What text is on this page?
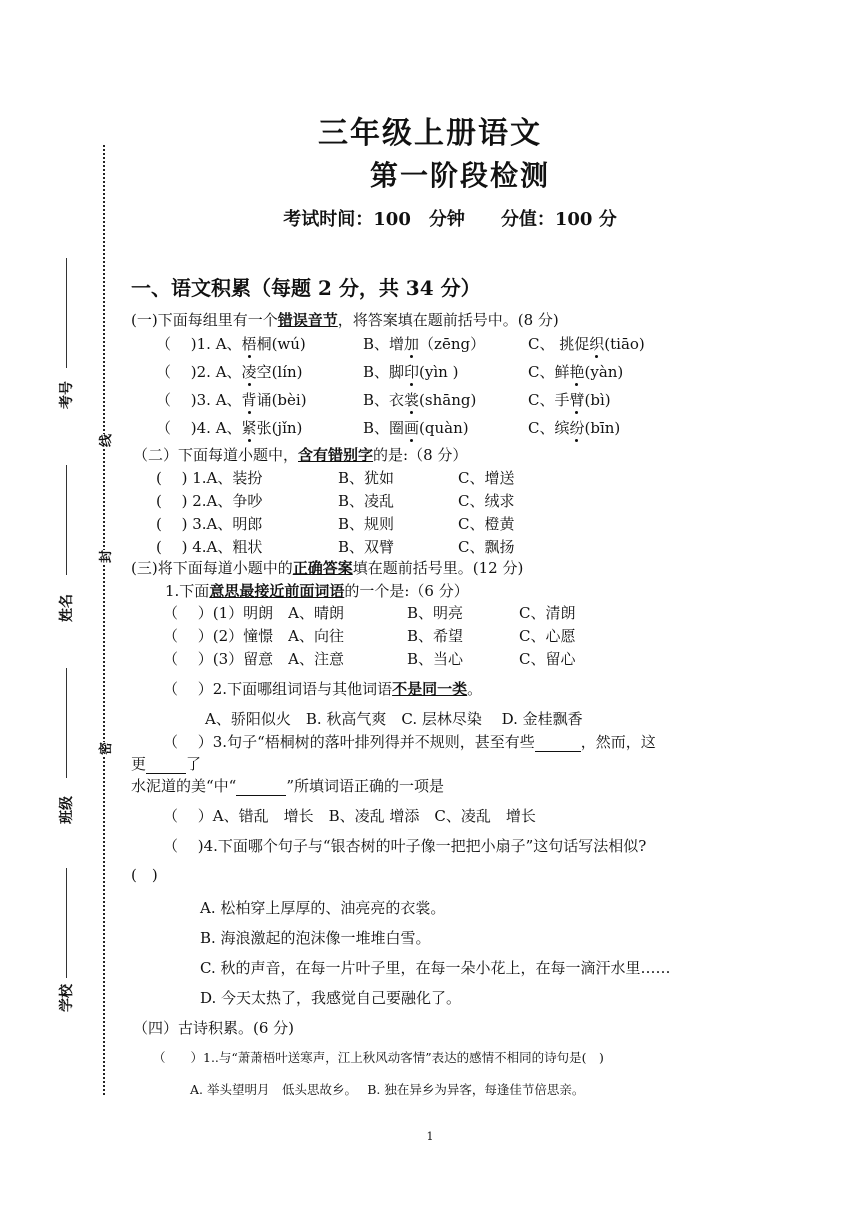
考号
姓名
班级
学校
线
封
密
三年级上册语文
第一阶段检测
考试时间：100　分钟　　分值：100 分
一、语文积累（每题 2 分，共 34 分）
(一)下面每组里有一个错误音节，将答案填在题前括号中。(8 分)
（　 )1. A、梧桐(wú)	B、增加（zēng）	C、 挑促织(tiāo)
（　 )2. A、凌空(lín)	B、脚印(yìn )	C、鲜艳(yàn)
（　 )3. A、背诵(bèi)	B、衣裳(shāng)	C、手臂(bì)
（　 )4. A、紧张(jǐn)	B、圈画(quàn)	C、缤纷(bīn)
（二）下面每道小题中，含有错别字的是:（8 分）
(　 ) 1.A、装扮	B、犹如	C、增送
(　 ) 2.A、争吵	B、凌乱	C、绒求
(　 ) 3.A、明郎	B、规则	C、橙黄
(　 ) 4.A、粗状	B、双臂	C、飘扬
(三)将下面每道小题中的正确答案填在题前括号里。(12 分)
1.下面意思最接近前面词语的一个是:（6 分）
（　 ）(1）明朗　A、晴朗	B、明亮	C、清朗
（　 ）(2）憧憬　A、向往	B、希望	C、心愿
（　 ）(3）留意　A、注意	B、当心	C、留心
（　 ）2.下面哪组词语与其他词语不是同一类。
A、骄阳似火　B. 秋高气爽　C. 层林尽染　 D. 金桂飘香
（　 ）3.句子“梧桐树的落叶排列得并不规则，甚至有些	，然而，这
更	了
水泥道的美“中“	”所填词语正确的一项是
（　 ）A、错乱　增长　B、凌乱 增添　C、凌乱　增长
（　 )4.下面哪个句子与“银杏树的叶子像一把把小扇子”这句话写法相似?
(　)
A. 松柏穿上厚厚的、油亮亮的衣裳。
B. 海浪激起的泡沫像一堆堆白雪。
C. 秋的声音，在每一片叶子里，在每一朵小花上，在每一滴汗水里……
D. 今天太热了，我感觉自己要融化了。
（四）古诗积累。(6 分)
（　　）1..与“萧萧梧叶送寒声，江上秋风动客情”表达的感情不相同的诗句是(　)
A. 举头望明月　低头思故乡。　 B. 独在异乡为异客，每逢佳节倍思亲。
1
